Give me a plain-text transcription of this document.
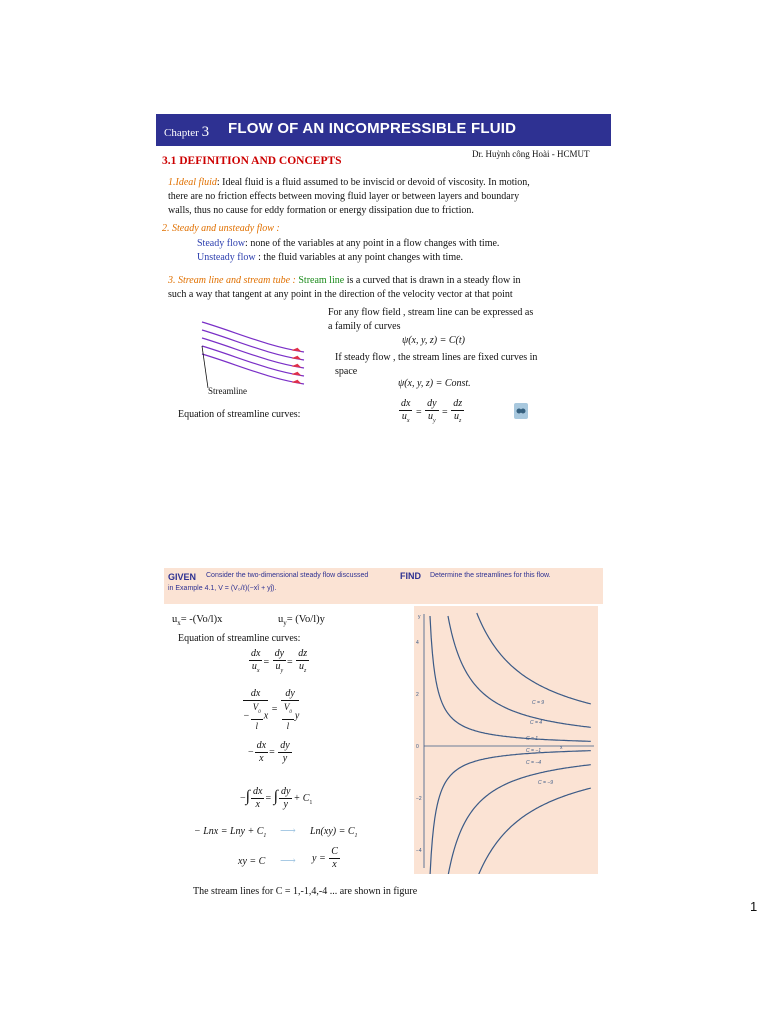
Chapter 3 FLOW OF AN INCOMPRESSIBLE FLUID
Dr. Huỳnh công Hoài - HCMUT
3.1 DEFINITION AND CONCEPTS
1.Ideal fluid: Ideal fluid is a fluid assumed to be inviscid or devoid of viscosity. In motion,
there are no friction effects between moving fluid layer or between layers and boundary
walls, thus no cause for eddy formation or energy dissipation due to friction.
2. Steady and unsteady flow :
Steady flow: none of the variables at any point in a flow changes with time.
Unsteady flow : the fluid variables at any point changes with time.
3. Stream line and stream tube : Stream line is a curved that is drawn in a steady flow in
such a way that tangent at any point in the direction of the velocity vector at that point
Streamline
For any flow field , stream line can be expressed as
a family of curves
ψ(x, y, z) = C(t)
If steady flow , the stream lines are fixed curves in
space
ψ(x, y, z) = Const.
Equation of streamline curves:	$\frac{dx}{u_x} = \frac{dy}{u_y} = \frac{dz}{u_z}$
GIVEN Consider the two-dimensional steady flow discussed
in Example 4.1, V = (V₀/ℓ)(−xî + yĵ).
FIND Determine the streamlines for this flow.
$u_x= -(Vo/l)x$	$u_y= (Vo/l)y$
Equation of streamline curves:
$\frac{dx}{u_x} = \frac{dy}{u_y} = \frac{dz}{u_z}$
$\frac{dx}{- \frac{V_0}{l} x} = \frac{dy}{\frac{V_0}{l} y}$
− $\frac{dx}{x} = \frac{dy}{y}$
−∫ $\frac{dx}{x}$ = ∫ $\frac{dy}{y} + C_1$
− Lnx = Lny + $C_1$ ⟶ $Ln(xy) = C_1$
xy = C ⟶ $y = \frac{C}{x}$
The stream lines for C = 1,-1,4,-4 ... are shown in figure
4
2
0
−2
−4
C = 9
C = 4
C = 1
C = −1
C = −4
C = −9
y
x
1
